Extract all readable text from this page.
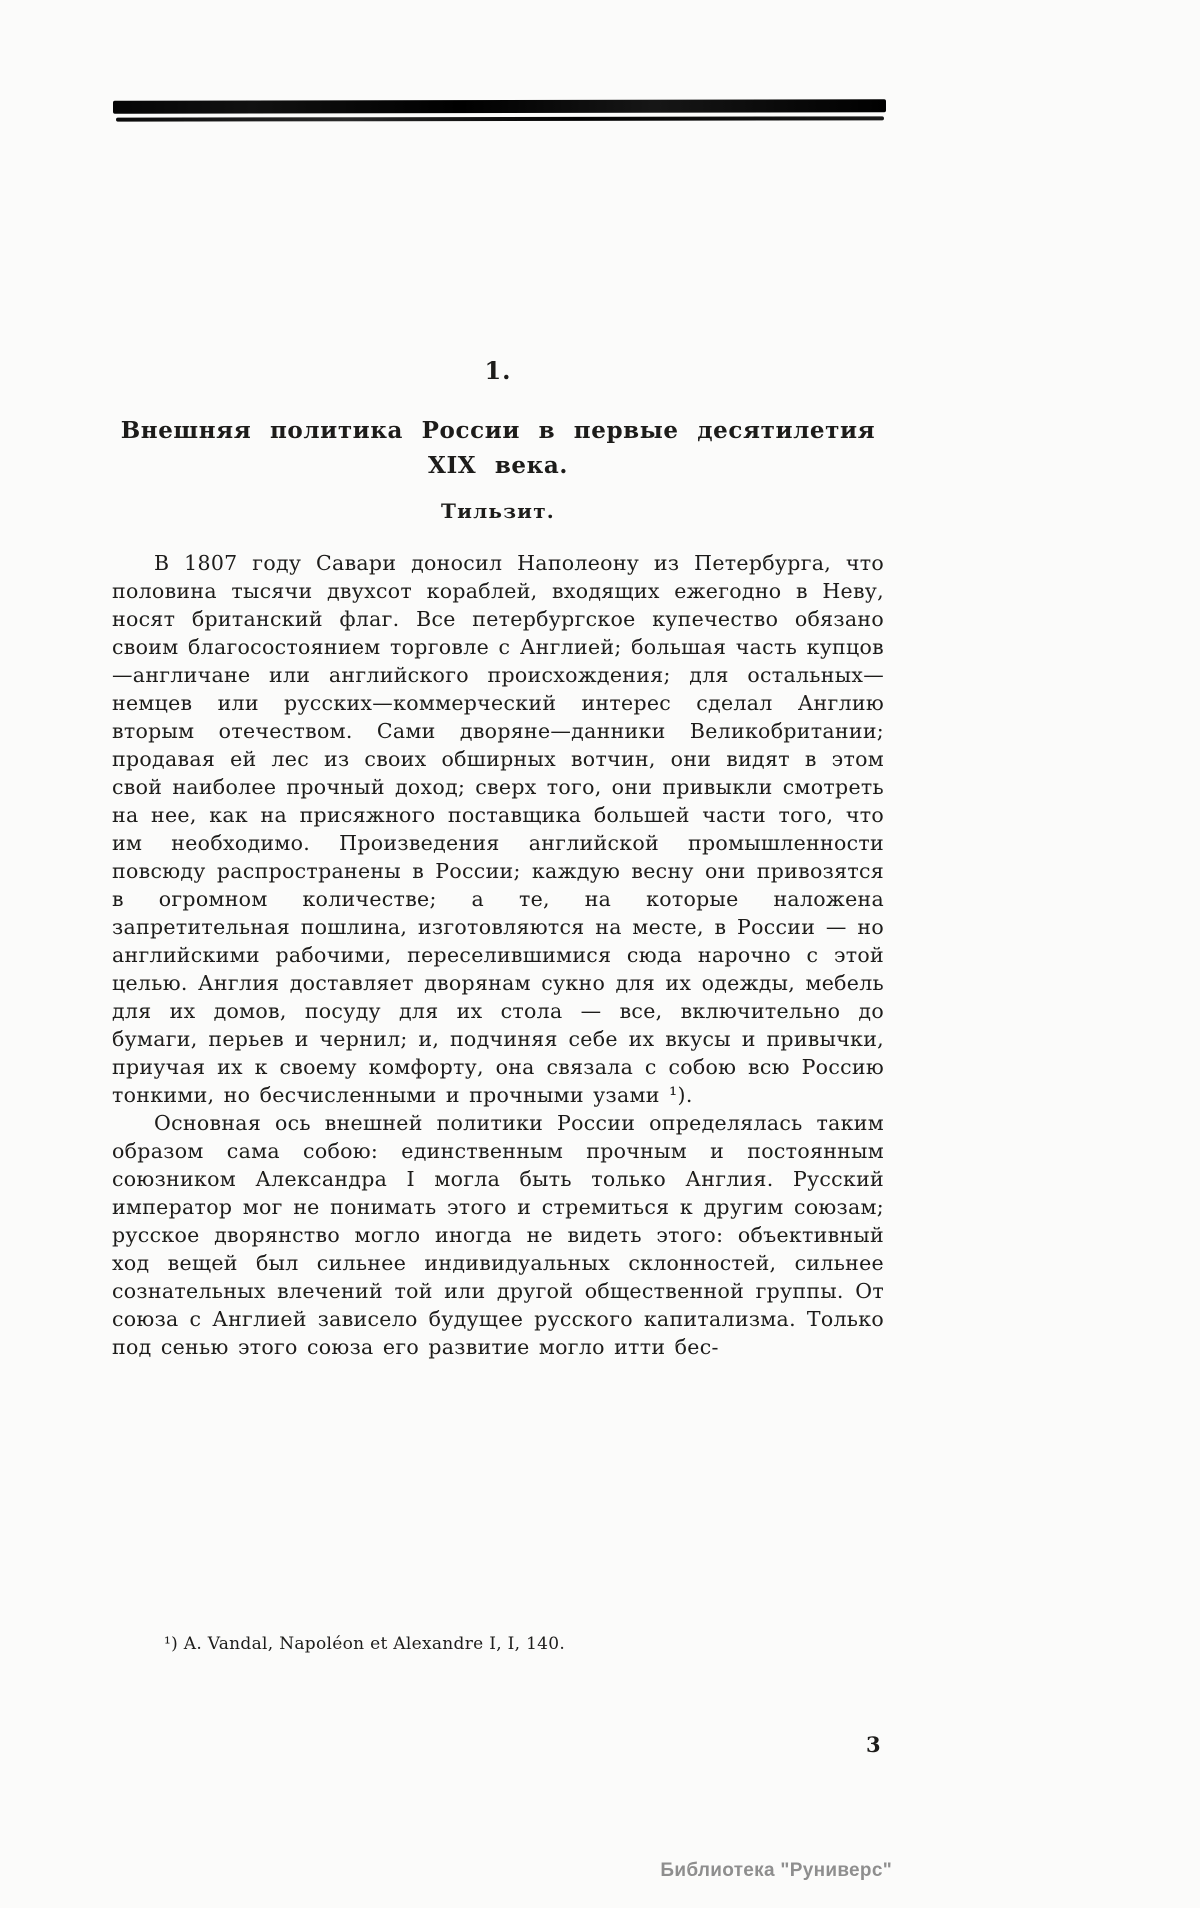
1.
Внешняя политика России в первые десятилетия
XIX века.
Тильзит.

В 1807 году Савари доносил Наполеону из Петербурга, что половина тысячи двухсот кораблей, входящих ежегодно в Неву, носят британский флаг. Все петербургское купечество обязано своим благосостоянием торговле с Англией; большая часть купцов—англичане или английского происхождения; для остальных—немцев или русских—коммерческий интерес сделал Англию вторым отечеством. Сами дворяне—данники Великобритании; продавая ей лес из своих обширных вотчин, они видят в этом свой наиболее прочный доход; сверх того, они привыкли смотреть на нее, как на присяжного поставщика большей части того, что им необходимо. Произведения английской промышленности повсюду распространены в России; каждую весну они привозятся в огромном количестве; а те, на которые наложена запретительная пошлина, изготовляются на месте, в России — но английскими рабочими, переселившимися сюда нарочно с этой целью. Англия доставляет дворянам сукно для их одежды, мебель для их домов, посуду для их стола — все, включительно до бумаги, перьев и чернил; и, подчиняя себе их вкусы и привычки, приучая их к своему комфорту, она связала с собою всю Россию тонкими, но бесчисленными и прочными узами ¹).

Основная ось внешней политики России определялась таким образом сама собою: единственным прочным и постоянным союзником Александра I могла быть только Англия. Русский император мог не понимать этого и стремиться к другим союзам; русское дворянство могло иногда не видеть этого: объективный ход вещей был сильнее индивидуальных склонностей, сильнее сознательных влечений той или другой общественной группы. От союза с Англией зависело будущее русского капитализма. Только под сенью этого союза его развитие могло итти бес-

¹) A. Vandal, Napoléon et Alexandre I, I, 140.
3
Библиотека "Руниверс"
